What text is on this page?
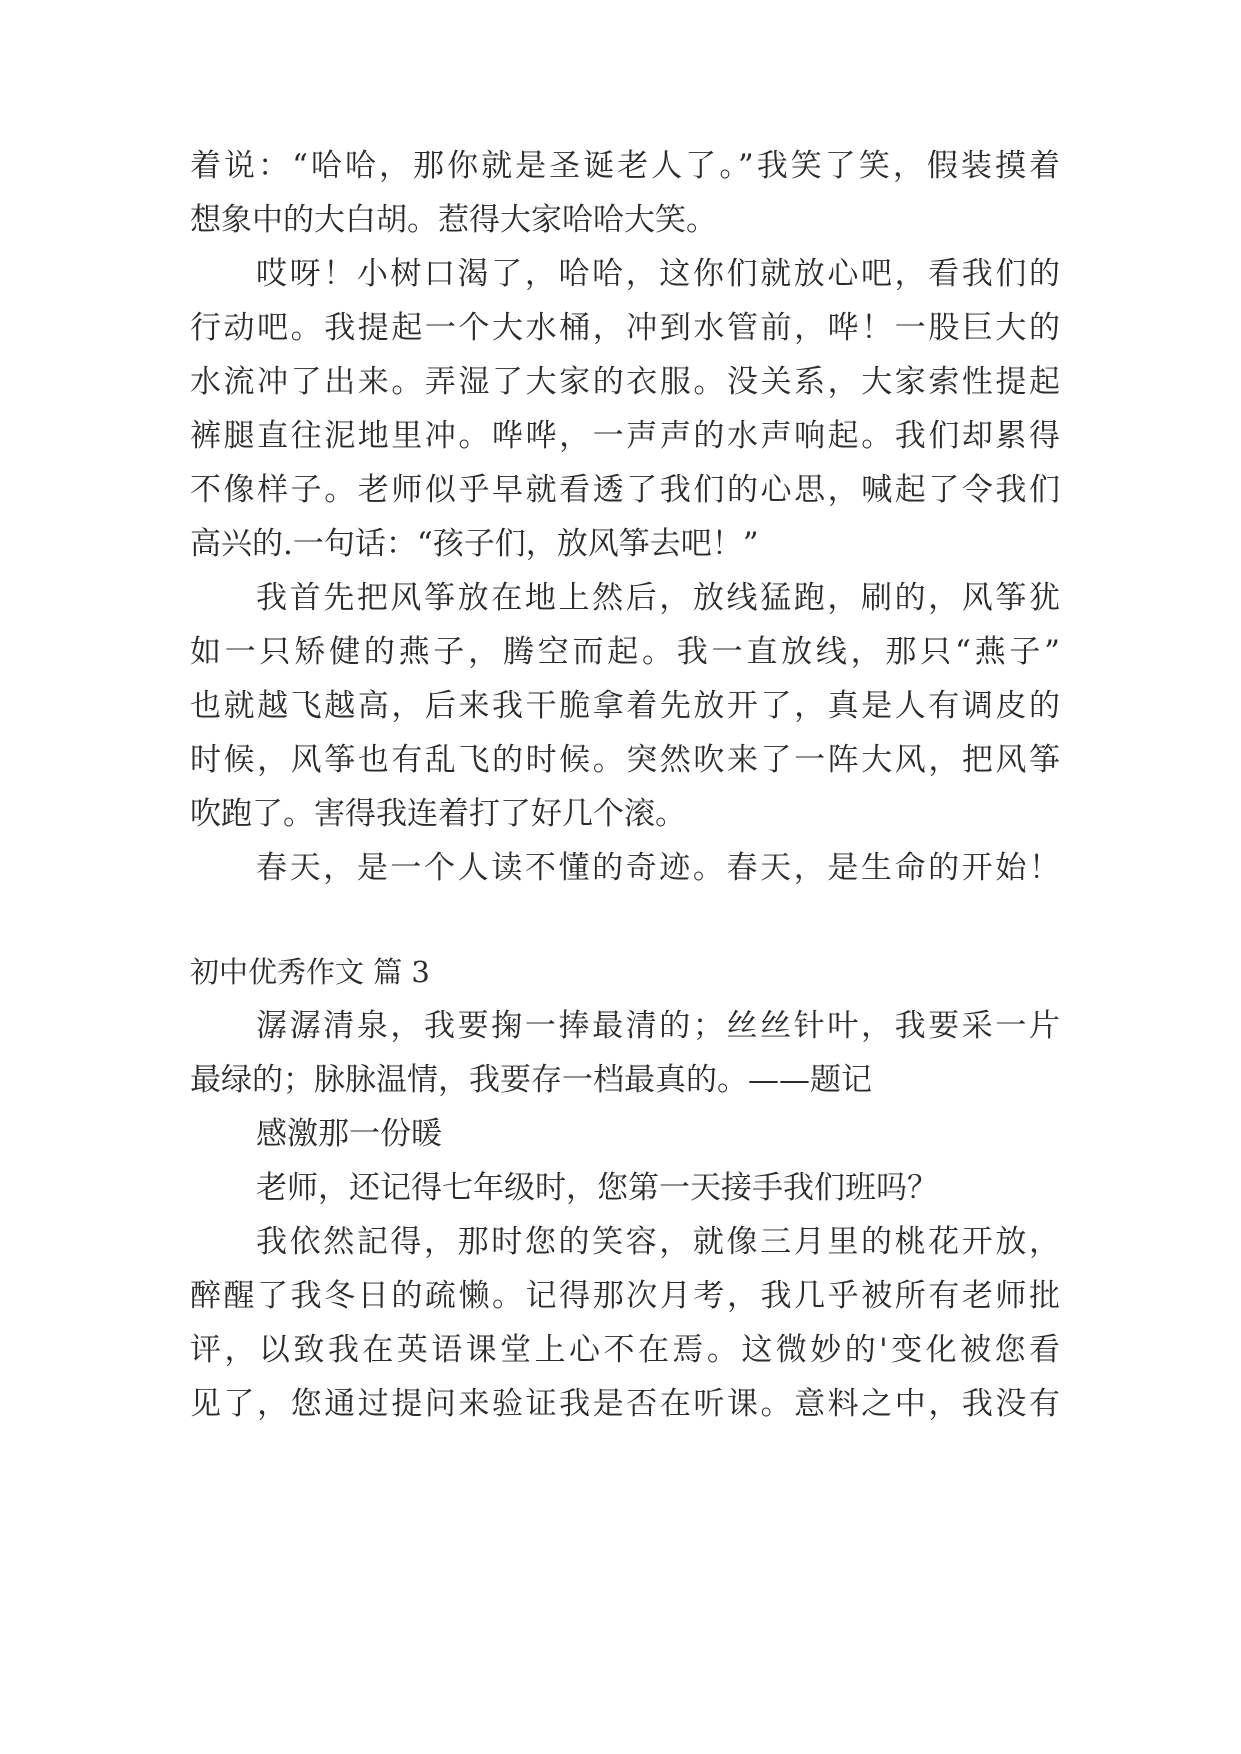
着说：“哈哈，那你就是圣诞老人了。”我笑了笑，假装摸着
想象中的大白胡。惹得大家哈哈大笑。
哎呀！小树口渴了，哈哈，这你们就放心吧，看我们的
行动吧。我提起一个大水桶，冲到水管前，哗！一股巨大的
水流冲了出来。弄湿了大家的衣服。没关系，大家索性提起
裤腿直往泥地里冲。哗哗，一声声的水声响起。我们却累得
不像样子。老师似乎早就看透了我们的心思，喊起了令我们
高兴的.一句话：“孩子们，放风筝去吧！”
我首先把风筝放在地上然后，放线猛跑，刷的，风筝犹
如一只矫健的燕子，腾空而起。我一直放线，那只“燕子”
也就越飞越高，后来我干脆拿着先放开了，真是人有调皮的
时候，风筝也有乱飞的时候。突然吹来了一阵大风，把风筝
吹跑了。害得我连着打了好几个滚。
春天，是一个人读不懂的奇迹。春天，是生命的开始！
初中优秀作文 篇 3
潺潺清泉，我要掬一捧最清的；丝丝针叶，我要采一片
最绿的；脉脉温情，我要存一档最真的。——题记
感激那一份暖
老师，还记得七年级时，您第一天接手我们班吗？
我依然記得，那时您的笑容，就像三月里的桃花开放，
醉醒了我冬日的疏懒。记得那次月考，我几乎被所有老师批
评，以致我在英语课堂上心不在焉。这微妙的'变化被您看
见了，您通过提问来验证我是否在听课。意料之中，我没有
